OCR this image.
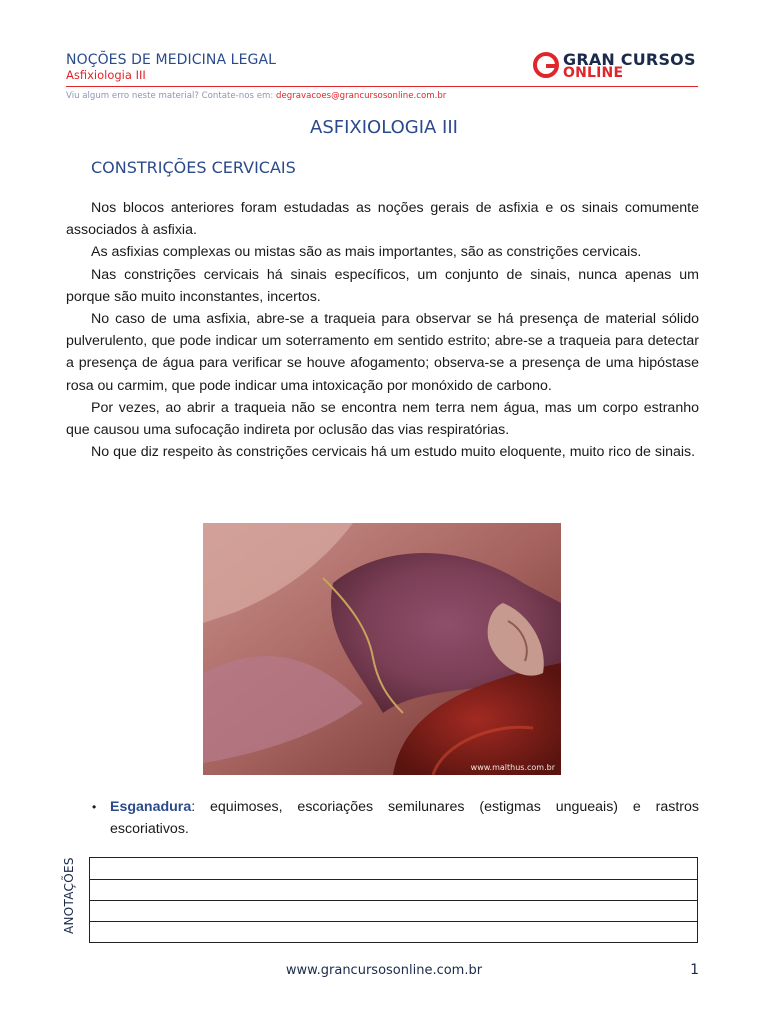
NOÇÕES DE MEDICINA LEGAL
Asfixiologia III
GRAN CURSOS
ONLINE
Viu algum erro neste material? Contate-nos em: degravacoes@grancursosonline.com.br
ASFIXIOLOGIA III
CONSTRIÇÕES CERVICAIS

Nos blocos anteriores foram estudadas as noções gerais de asfixia e os sinais comumente associados à asfixia.

As asfixias complexas ou mistas são as mais importantes, são as constrições cervicais.

Nas constrições cervicais há sinais específicos, um conjunto de sinais, nunca apenas um porque são muito inconstantes, incertos.

No caso de uma asfixia, abre-se a traqueia para observar se há presença de material sólido pulverulento, que pode indicar um soterramento em sentido estrito; abre-se a traqueia para detectar a presença de água para verificar se houve afogamento; observa-se a presença de uma hipóstase rosa ou carmim, que pode indicar uma intoxicação por monóxido de carbono.

Por vezes, ao abrir a traqueia não se encontra nem terra nem água, mas um corpo estranho que causou uma sufocação indireta por oclusão das vias respiratórias.

No que diz respeito às constrições cervicais há um estudo muito eloquente, muito rico de sinais.

www.malthus.com.br
• Esganadura: equimoses, escoriações semilunares (estigmas ungueais) e rastros escoriativos.
ANOTAÇÕES
www.grancursosonline.com.br	1
